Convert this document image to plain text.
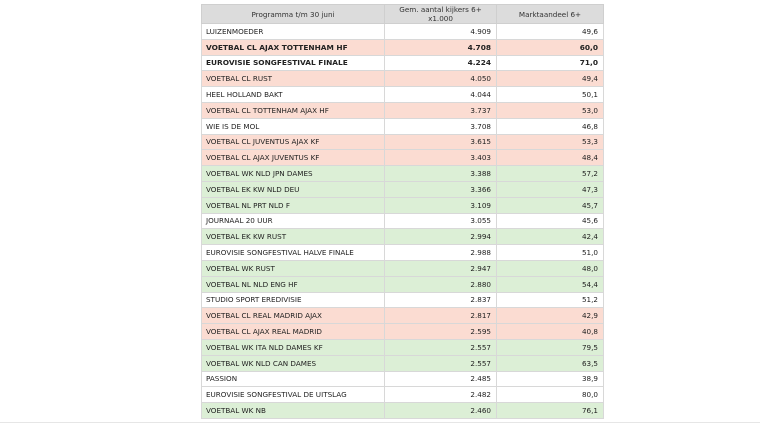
Programma t/m 30 juni	Gem. aantal kijkers 6+ x1.000	Marktaandeel 6+
LUIZENMOEDER	4.909	49,6
VOETBAL CL AJAX TOTTENHAM HF	4.708	60,0
EUROVISIE SONGFESTIVAL FINALE	4.224	71,0
VOETBAL CL RUST	4.050	49,4
HEEL HOLLAND BAKT	4.044	50,1
VOETBAL CL TOTTENHAM AJAX HF	3.737	53,0
WIE IS DE MOL	3.708	46,8
VOETBAL CL JUVENTUS AJAX KF	3.615	53,3
VOETBAL CL AJAX JUVENTUS KF	3.403	48,4
VOETBAL WK NLD JPN DAMES	3.388	57,2
VOETBAL EK KW NLD DEU	3.366	47,3
VOETBAL NL PRT NLD F	3.109	45,7
JOURNAAL 20 UUR	3.055	45,6
VOETBAL EK KW RUST	2.994	42,4
EUROVISIE SONGFESTIVAL HALVE FINALE	2.988	51,0
VOETBAL WK RUST	2.947	48,0
VOETBAL NL NLD ENG HF	2.880	54,4
STUDIO SPORT EREDIVISIE	2.837	51,2
VOETBAL CL REAL MADRID AJAX	2.817	42,9
VOETBAL CL AJAX REAL MADRID	2.595	40,8
VOETBAL WK ITA NLD DAMES KF	2.557	79,5
VOETBAL WK NLD CAN DAMES	2.557	63,5
PASSION	2.485	38,9
EUROVISIE SONGFESTIVAL DE UITSLAG	2.482	80,0
VOETBAL WK NB	2.460	76,1
